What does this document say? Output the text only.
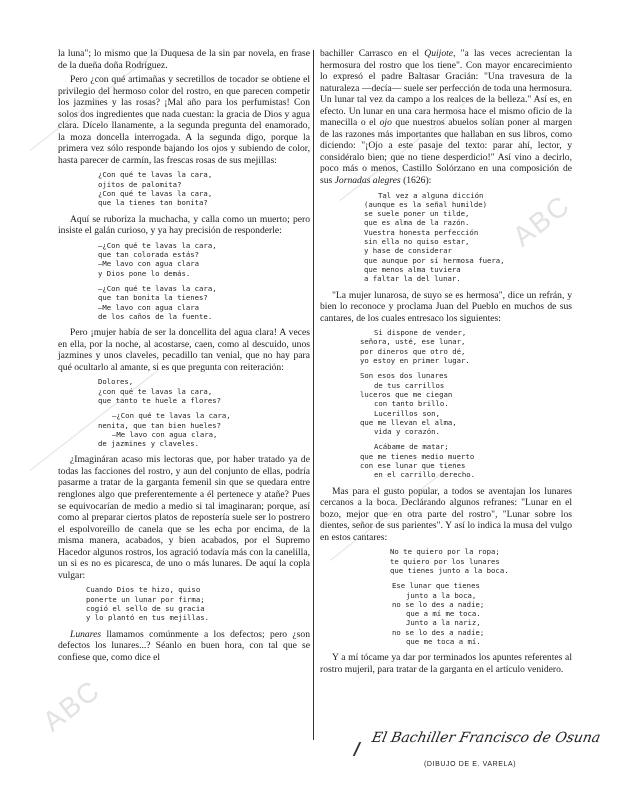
la luna"; lo mismo que la Duquesa de la sin par novela, en frase de la dueña doña Rodríguez.

Pero ¿con qué artimañas y secretillos de tocador se obtiene el privilegio del hermoso color del rostro, en que parecen competir los jazmines y las rosas? ¡Mal año para los perfumistas! Con solos dos ingredientes que nada cuestan: la gracia de Dios y agua clara. Dícelo llanamente, a la segunda pregunta del enamorado, la moza doncella interrogada. A la segunda digo, porque la primera vez sólo responde bajando los ojos y subiendo de color, hasta parecer de carmín, las frescas rosas de sus mejillas:

¿Con qué te lavas la cara,
ojitos de palomita?
¿Con qué te lavas la cara,
que la tienes tan bonita?

Aquí se ruboriza la muchacha, y calla como un muerto; pero insiste el galán curioso, y ya hay precisión de responderle:

—¿Con qué te lavas la cara,
que tan colorada estás?
—Me lavo con agua clara
y Dios pone lo demás.
—¿Con qué te lavas la cara,
que tan bonita la tienes?
—Me lavo con agua clara
de los caños de la fuente.

Pero ¡mujer había de ser la doncellita del agua clara! A veces en ella, por la noche, al acostarse, caen, como al descuido, unos jazmines y unos claveles, pecadillo tan venial, que no hay para qué ocultarlo al amante, si es que pregunta con reiteración:

Dolores,
¿con qué te lavas la cara,
que tanto te huele a flores?
—¿Con qué te lavas la cara,
nenita, que tan bien hueles?
—Me lavo con agua clara,
de jazmines y claveles.

¿Imagináran acaso mis lectoras que, por haber tratado ya de todas las facciones del rostro, y aun del conjunto de ellas, podría pasarme a tratar de la garganta femenil sin que se quedara entre renglones algo que preferentemente a él pertenece y atañe? Pues se equivocarían de medio a medio si tal imaginaran; porque, así como al preparar ciertos platos de repostería suele ser lo postrero el espolvoreíllo de canela que se les echa por encima, de la misma manera, acabados, y bien acabados, por el Supremo Hacedor algunos rostros, los agració todavía más con la canelilla, un si es no es picaresca, de uno o más lunares. De aquí la copla vulgar:

Cuando Dios te hizo, quiso
ponerte un lunar por firma;
cogió el sello de su gracia
y lo plantó en tus mejillas.

Lunares llamamos comúnmente a los defectos; pero ¿son defectos los lunares...? Séanlo en buen hora, con tal que se confiese que, como dice el

bachiller Carrasco en el Quijote, "a las veces acrecientan la hermosura del rostro que los tiene". Con mayor encarecimiento lo expresó el padre Baltasar Gracián: "Una travesura de la naturaleza —decía— suele ser perfección de toda una hermosura. Un lunar tal vez da campo a los realces de la belleza." Así es, en efecto. Un lunar en una cara hermosa hace el mismo oficio de la manecilla o el ojo que nuestros abuelos solían poner al margen de las razones más importantes que hallaban en sus libros, como diciendo: "¡Ojo a este pasaje del texto: parar ahí, lector, y considéralo bien; que no tiene desperdicio!" Así vino a decirlo, poco más o menos, Castillo Solórzano en una composición de sus Jornadas alegres (1626):

Tal vez a alguna dicción
(aunque es la señal humilde)
se suele poner un tilde,
que es alma de la razón.
Vuestra honesta perfección
sin ella no quiso estar,
y hase de considerar
que aunque por sí hermosa fuera,
que menos alma tuviera
a faltar la del lunar.

"La mujer lunarosa, de suyo se es hermosa", dice un refrán, y bien lo reconoce y proclama Juan del Pueblo en muchos de sus cantares, de los cuales entresaco los siguientes:

Si dispone de vender,
señora, usté, ese lunar,
por dineros que otro dé,
yo estoy en primer lugar.
Son esos dos lunares
de tus carrillos
luceros que me ciegan
con tanto brillo.
Lucerillos son,
que me llevan el alma,
vida y corazón.
Acábame de matar;
que me tienes medio muerto
con ese lunar que tienes
en el carrillo derecho.

Mas para el gusto popular, a todos se aventajan los lunares cercanos a la boca. Declárando algunos refranes: "Lunar en el bozo, mejor que en otra parte del rostro", "Lunar sobre los dientes, señor de sus parientes". Y así lo indica la musa del vulgo en estos cantares:

No te quiero por la ropa;
te quiero por los lunares
que tienes junto a la boca.
Ese lunar que tienes
junto a la boca,
no se lo des a nadie;
que a mí me toca.
Junto a la nariz,
no se lo des a nadie;
que me toca a mí.

Y a mí tócame ya dar por terminados los apuntes referentes al rostro mujeril, para tratar de la garganta en el artículo venidero.

ABC
ABC
El Bachiller Francisco de Osuna
(DIBUJO DE E. VARELA)
